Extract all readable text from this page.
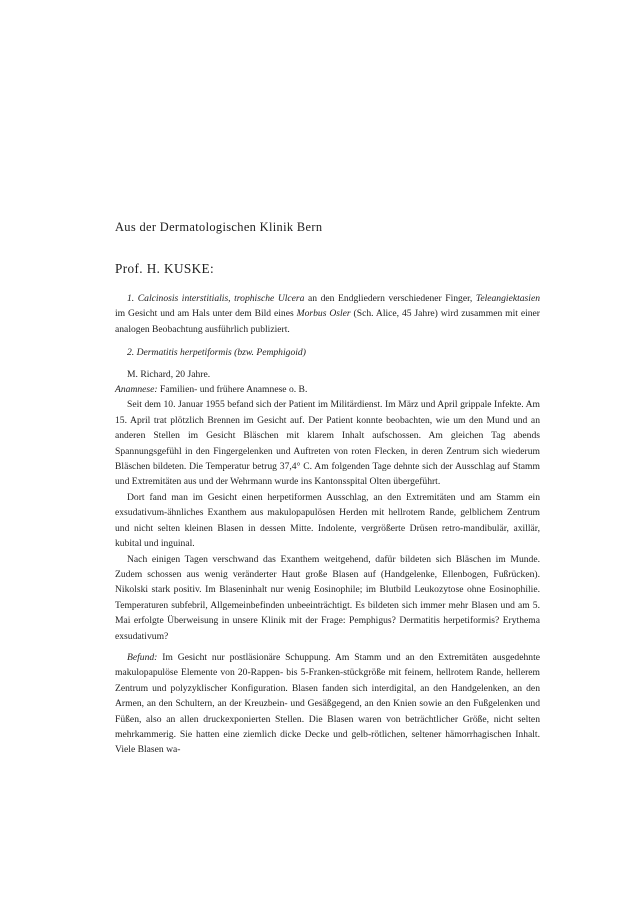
Aus der Dermatologischen Klinik Bern
Prof. H. KUSKE:

1. Calcinosis interstitialis, trophische Ulcera an den Endgliedern verschiedener Finger, Teleangiektasien im Gesicht und am Hals unter dem Bild eines Morbus Osler (Sch. Alice, 45 Jahre) wird zusammen mit einer analogen Beobachtung ausführlich publiziert.

2. Dermatitis herpetiformis (bzw. Pemphigoid)

M. Richard, 20 Jahre.

Anamnese: Familien- und frühere Anamnese o. B.

Seit dem 10. Januar 1955 befand sich der Patient im Militärdienst. Im März und April grippale Infekte. Am 15. April trat plötzlich Brennen im Gesicht auf. Der Patient konnte beobachten, wie um den Mund und an anderen Stellen im Gesicht Bläschen mit klarem Inhalt aufschossen. Am gleichen Tag abends Spannungsgefühl in den Fingergelenken und Auftreten von roten Flecken, in deren Zentrum sich wiederum Bläschen bildeten. Die Temperatur betrug 37,4° C. Am folgenden Tage dehnte sich der Ausschlag auf Stamm und Extremitäten aus und der Wehrmann wurde ins Kantonsspital Olten übergeführt.

Dort fand man im Gesicht einen herpetiformen Ausschlag, an den Extremitäten und am Stamm ein exsudativum-ähnliches Exanthem aus makulopapulösen Herden mit hellrotem Rande, gelblichem Zentrum und nicht selten kleinen Blasen in dessen Mitte. Indolente, vergrößerte Drüsen retro-mandibulär, axillär, kubital und inguinal.

Nach einigen Tagen verschwand das Exanthem weitgehend, dafür bildeten sich Bläschen im Munde. Zudem schossen aus wenig veränderter Haut große Blasen auf (Handgelenke, Ellenbogen, Fußrücken). Nikolski stark positiv. Im Blaseninhalt nur wenig Eosinophile; im Blutbild Leukozytose ohne Eosinophilie. Temperaturen subfebril, Allgemeinbefinden unbeeinträchtigt. Es bildeten sich immer mehr Blasen und am 5. Mai erfolgte Überweisung in unsere Klinik mit der Frage: Pemphigus? Dermatitis herpetiformis? Erythema exsudativum?

Befund: Im Gesicht nur postläsionäre Schuppung. Am Stamm und an den Extremitäten ausgedehnte makulopapulöse Elemente von 20-Rappen- bis 5-Franken-stückgröße mit feinem, hellrotem Rande, hellerem Zentrum und polyzyklischer Konfiguration. Blasen fanden sich interdigital, an den Handgelenken, an den Armen, an den Schultern, an der Kreuzbein- und Gesäßgegend, an den Knien sowie an den Fußgelenken und Füßen, also an allen druckexponierten Stellen. Die Blasen waren von beträchtlicher Größe, nicht selten mehrkammerig. Sie hatten eine ziemlich dicke Decke und gelb-rötlichen, seltener hämorrhagischen Inhalt. Viele Blasen wa-
